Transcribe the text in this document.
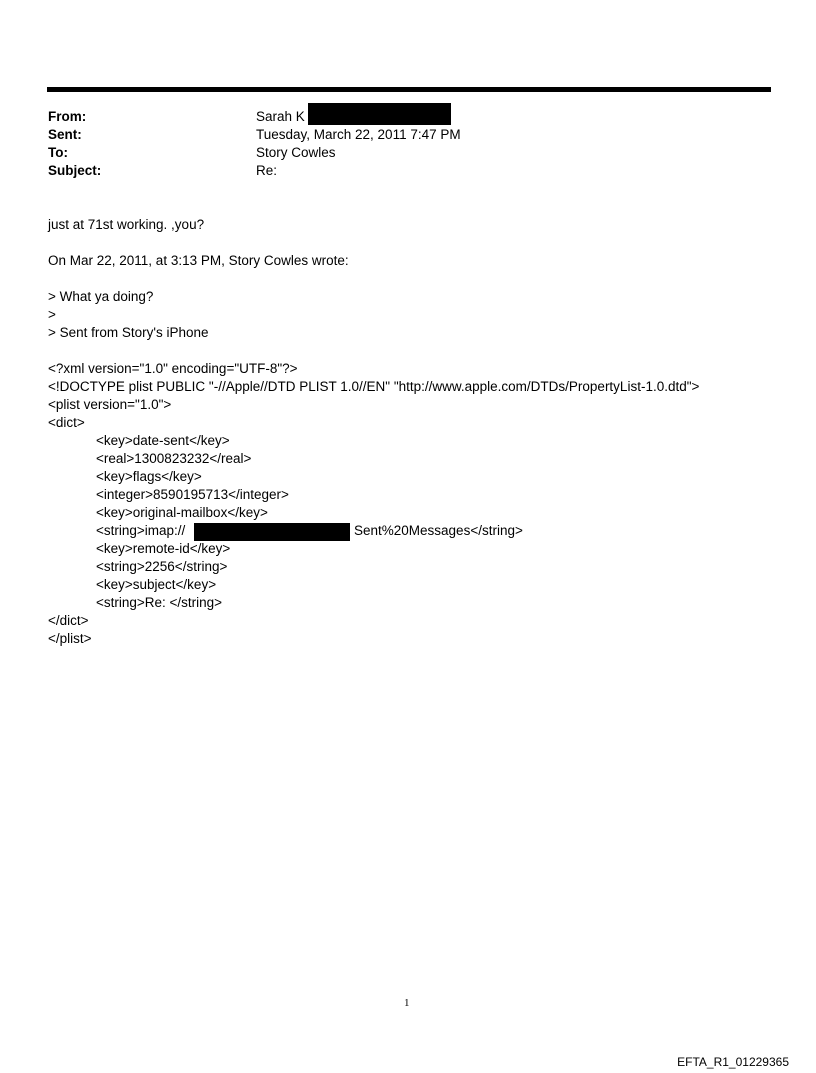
From:	Sarah K
Sent:	Tuesday, March 22, 2011 7:47 PM
To:	Story Cowles
Subject:	Re:
just at 71st working. ,you?
On Mar 22, 2011, at 3:13 PM, Story Cowles wrote:
> What ya doing?
>
> Sent from Story's iPhone
<?xml version="1.0" encoding="UTF-8"?>
<!DOCTYPE plist PUBLIC "-//Apple//DTD PLIST 1.0//EN" "http://www.apple.com/DTDs/PropertyList-1.0.dtd">
<plist version="1.0">
<dict>
<key>date-sent</key>
<real>1300823232</real>
<key>flags</key>
<integer>8590195713</integer>
<key>original-mailbox</key>
<string>imap://	Sent%20Messages</string>
<key>remote-id</key>
<string>2256</string>
<key>subject</key>
<string>Re: </string>
</dict>
</plist>
1
EFTA_R1_01229365
